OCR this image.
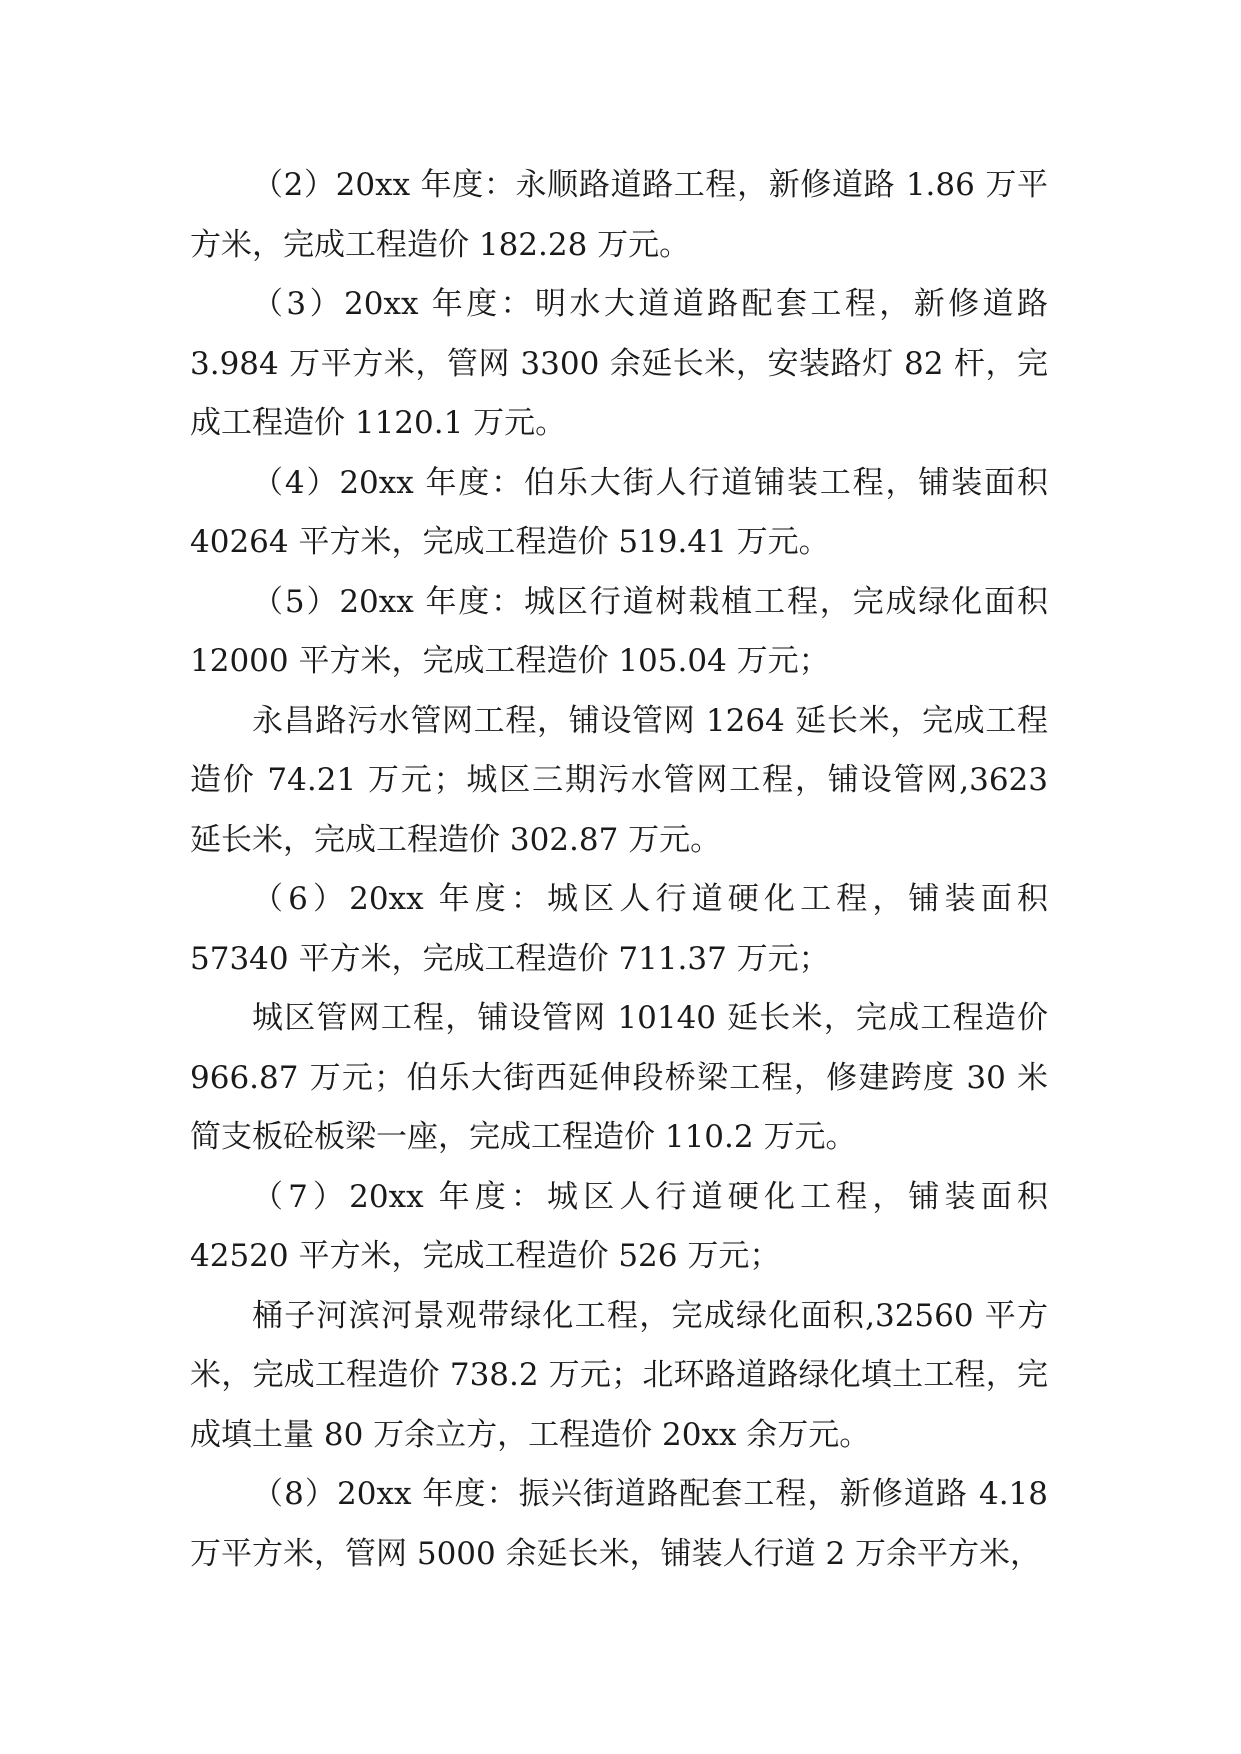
（2）20xx 年度：永顺路道路工程，新修道路 1.86 万平方米，完成工程造价 182.28 万元。

（3）20xx 年度：明水大道道路配套工程，新修道路 3.984 万平方米，管网 3300 余延长米，安装路灯 82 杆，完成工程造价 1120.1 万元。

（4）20xx 年度：伯乐大街人行道铺装工程，铺装面积 40264 平方米，完成工程造价 519.41 万元。

（5）20xx 年度：城区行道树栽植工程，完成绿化面积 12000 平方米，完成工程造价 105.04 万元；

永昌路污水管网工程，铺设管网 1264 延长米，完成工程造价 74.21 万元；城区三期污水管网工程，铺设管网,3623 延长米，完成工程造价 302.87 万元。

（6）20xx 年度：城区人行道硬化工程，铺装面积 57340 平方米，完成工程造价 711.37 万元；

城区管网工程，铺设管网 10140 延长米，完成工程造价 966.87 万元；伯乐大街西延伸段桥梁工程，修建跨度 30 米简支板砼板梁一座，完成工程造价 110.2 万元。

（7）20xx 年度：城区人行道硬化工程，铺装面积 42520 平方米，完成工程造价 526 万元；

桶子河滨河景观带绿化工程，完成绿化面积,32560 平方米，完成工程造价 738.2 万元；北环路道路绿化填土工程，完成填土量 80 万余立方，工程造价 20xx 余万元。

（8）20xx 年度：振兴街道路配套工程，新修道路 4.18 万平方米，管网 5000 余延长米，铺装人行道 2 万余平方米，
